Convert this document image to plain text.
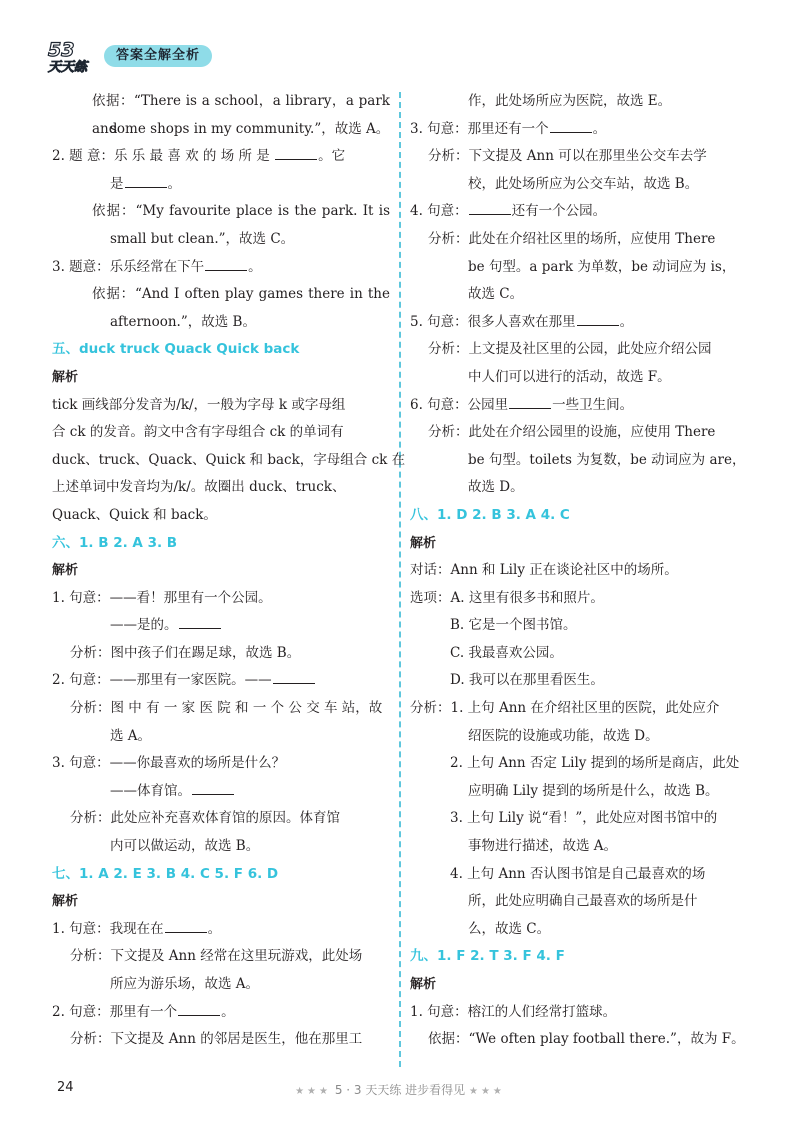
53
天天练
答案全解全析
依据：“There is a school，a library，a park and
some shops in my community.”，故选 A。
2. 题 意：乐 乐 最 喜 欢 的 场 所 是	。它
是	。
依据：“My favourite place is the park. It is
small but clean.”，故选 C。
3. 题意：乐乐经常在下午	。
依据：“And I often play games there in the
afternoon.”，故选 B。
五、duck truck Quack Quick back
解析
tick 画线部分发音为/k/，一般为字母 k 或字母组
合 ck 的发音。韵文中含有字母组合 ck 的单词有
duck、truck、Quack、Quick 和 back，字母组合 ck 在
上述单词中发音均为/k/。故圈出 duck、truck、
Quack、Quick 和 back。
六、1. B 2. A 3. B
解析
1. 句意：——看！那里有一个公园。
——是的。
分析：图中孩子们在踢足球，故选 B。
2. 句意：——那里有一家医院。——
分析：图 中 有 一 家 医 院 和 一 个 公 交 车 站，故
选 A。
3. 句意：——你最喜欢的场所是什么？
——体育馆。
分析：此处应补充喜欢体育馆的原因。体育馆
内可以做运动，故选 B。
七、1. A 2. E 3. B 4. C 5. F 6. D
解析
1. 句意：我现在在	。
分析：下文提及 Ann 经常在这里玩游戏，此处场
所应为游乐场，故选 A。
2. 句意：那里有一个	。
分析：下文提及 Ann 的邻居是医生，他在那里工
作，此处场所应为医院，故选 E。
3. 句意：那里还有一个	。
分析：下文提及 Ann 可以在那里坐公交车去学
校，此处场所应为公交车站，故选 B。
4. 句意：	还有一个公园。
分析：此处在介绍社区里的场所，应使用 There
be 句型。a park 为单数，be 动词应为 is，
故选 C。
5. 句意：很多人喜欢在那里	。
分析：上文提及社区里的公园，此处应介绍公园
中人们可以进行的活动，故选 F。
6. 句意：公园里	一些卫生间。
分析：此处在介绍公园里的设施，应使用 There
be 句型。toilets 为复数，be 动词应为 are，
故选 D。
八、1. D 2. B 3. A 4. C
解析
对话：Ann 和 Lily 正在谈论社区中的场所。
选项：A. 这里有很多书和照片。
B. 它是一个图书馆。
C. 我最喜欢公园。
D. 我可以在那里看医生。
分析：1. 上句 Ann 在介绍社区里的医院，此处应介
绍医院的设施或功能，故选 D。
2. 上句 Ann 否定 Lily 提到的场所是商店，此处
应明确 Lily 提到的场所是什么，故选 B。
3. 上句 Lily 说“看！”，此处应对图书馆中的
事物进行描述，故选 A。
4. 上句 Ann 否认图书馆是自己最喜欢的场
所，此处应明确自己最喜欢的场所是什
么，故选 C。
九、1. F 2. T 3. F 4. F
解析
1. 句意：榕江的人们经常打篮球。
依据：“We often play football there.”，故为 F。
24	★★★ 5 · 3 天天练 进步看得见 ★★★
